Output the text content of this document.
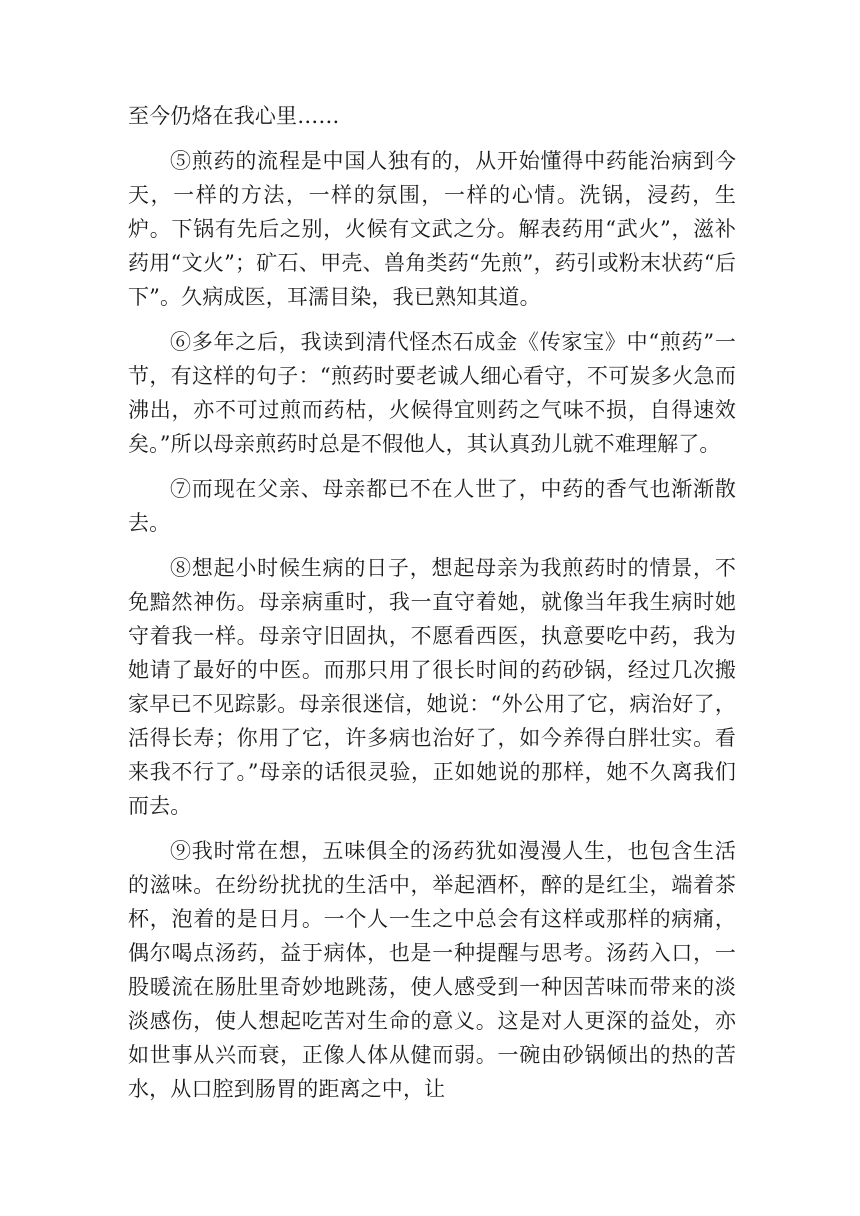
至今仍烙在我心里……

⑤煎药的流程是中国人独有的，从开始懂得中药能治病到今天，一样的方法，一样的氛围，一样的心情。洗锅，浸药，生炉。下锅有先后之别，火候有文武之分。解表药用“武火”，滋补药用“文火”；矿石、甲壳、兽角类药“先煎”，药引或粉末状药“后下”。久病成医，耳濡目染，我已熟知其道。

⑥多年之后，我读到清代怪杰石成金《传家宝》中“煎药”一节，有这样的句子：“煎药时要老诚人细心看守，不可炭多火急而沸出，亦不可过煎而药枯，火候得宜则药之气味不损，自得速效矣。”所以母亲煎药时总是不假他人，其认真劲儿就不难理解了。

⑦而现在父亲、母亲都已不在人世了，中药的香气也渐渐散去。

⑧想起小时候生病的日子，想起母亲为我煎药时的情景，不免黯然神伤。母亲病重时，我一直守着她，就像当年我生病时她守着我一样。母亲守旧固执，不愿看西医，执意要吃中药，我为她请了最好的中医。而那只用了很长时间的药砂锅，经过几次搬家早已不见踪影。母亲很迷信，她说：“外公用了它，病治好了，活得长寿；你用了它，许多病也治好了，如今养得白胖壮实。看来我不行了。”母亲的话很灵验，正如她说的那样，她不久离我们而去。

⑨我时常在想，五味俱全的汤药犹如漫漫人生，也包含生活的滋味。在纷纷扰扰的生活中，举起酒杯，醉的是红尘，端着茶杯，泡着的是日月。一个人一生之中总会有这样或那样的病痛，偶尔喝点汤药，益于病体，也是一种提醒与思考。汤药入口，一股暖流在肠肚里奇妙地跳荡，使人感受到一种因苦味而带来的淡淡感伤，使人想起吃苦对生命的意义。这是对人更深的益处，亦如世事从兴而衰，正像人体从健而弱。一碗由砂锅倾出的热的苦水，从口腔到肠胃的距离之中，让
